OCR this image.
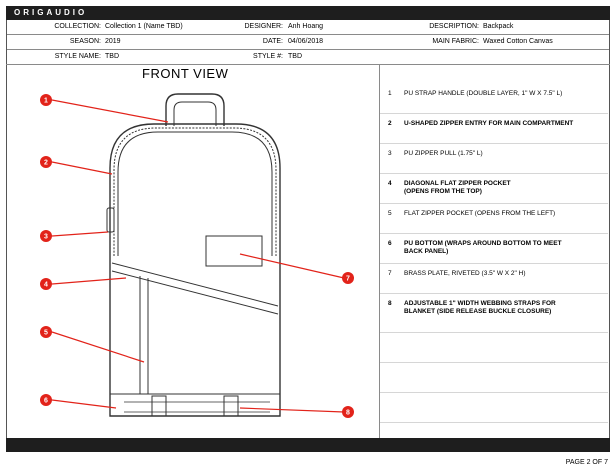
ORIGAUDIO
COLLECTION: Collection 1 (Name TBD)	DESIGNER: Anh Hoang	DESCRIPTION: Backpack
SEASON: 2019	DATE: 04/06/2018	MAIN FABRIC: Waxed Cotton Canvas
STYLE NAME: TBD	STYLE #: TBD
FRONT VIEW
1
2
3
4
5
6
7
8
1 PU STRAP HANDLE (DOUBLE LAYER, 1" W X 7.5" L)
2 U-SHAPED ZIPPER ENTRY FOR MAIN COMPARTMENT
3 PU ZIPPER PULL (1.75" L)
4 DIAGONAL FLAT ZIPPER POCKET
(OPENS FROM THE TOP)
5 FLAT ZIPPER POCKET (OPENS FROM THE LEFT)
6 PU BOTTOM (WRAPS AROUND BOTTOM TO MEET
BACK PANEL)
7 BRASS PLATE, RIVETED (3.5" W X 2" H)
8 ADJUSTABLE 1" WIDTH WEBBING STRAPS FOR
BLANKET (SIDE RELEASE BUCKLE CLOSURE)
PAGE 2 OF 7
